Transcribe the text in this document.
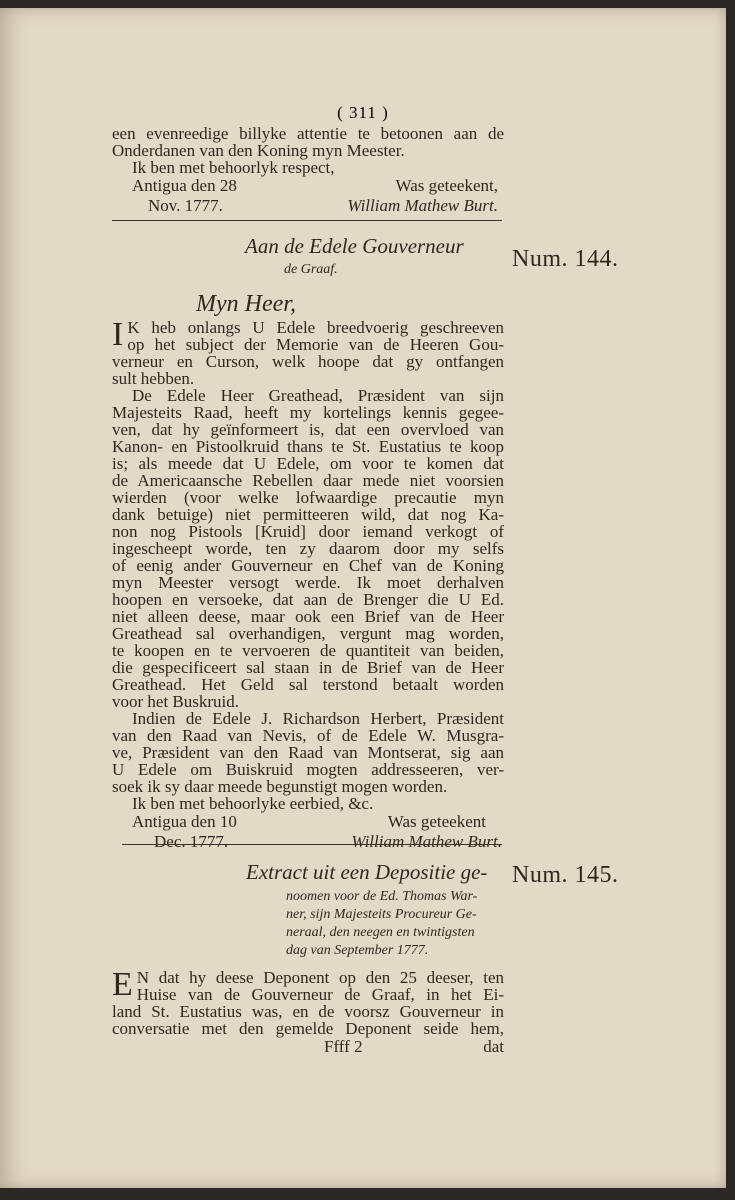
( 311 )
een evenreedige billyke attentie te betoonen aan de
Onderdanen van den Koning myn Meester.
Ik ben met behoorlyk respect,
Antigua den 28	Was geteekent,
Nov. 1777.	William Mathew Burt.
Aan de Edele Gouverneur
de Graaf.	Num. 144.
Myn Heer,
I K heb onlangs U Edele breedvoerig geschreeven
op het subject der Memorie van de Heeren Gou-
verneur en Curson, welk hoope dat gy ontfangen
sult hebben.
De Edele Heer Greathead, Præsident van sijn
Majesteits Raad, heeft my kortelings kennis gegee-
ven, dat hy geïnformeert is, dat een overvloed van
Kanon- en Pistoolkruid thans te St. Eustatius te koop
is; als meede dat U Edele, om voor te komen dat
de Americaansche Rebellen daar mede niet voorsien
wierden (voor welke lofwaardige precautie myn
dank betuige) niet permitteeren wild, dat nog Ka-
non nog Pistools [Kruid] door iemand verkogt of
ingescheept worde, ten zy daarom door my selfs
of eenig ander Gouverneur en Chef van de Koning
myn Meester versogt werde. Ik moet derhalven
hoopen en versoeke, dat aan de Brenger die U Ed.
niet alleen deese, maar ook een Brief van de Heer
Greathead sal overhandigen, vergunt mag worden,
te koopen en te vervoeren de quantiteit van beiden,
die gespecificeert sal staan in de Brief van de Heer
Greathead. Het Geld sal terstond betaalt worden
voor het Buskruid.
Indien de Edele J. Richardson Herbert, Præsident
van den Raad van Nevis, of de Edele W. Musgra-
ve, Præsident van den Raad van Montserat, sig aan
U Edele om Buiskruid mogten addresseeren, ver-
soek ik sy daar meede begunstigt mogen worden.
Ik ben met behoorlyke eerbied, &c.
Antigua den 10	Was geteekent
Dec. 1777.	William Mathew Burt.
Extract uit een Depositie ge- Num. 145.
noomen voor de Ed. Thomas War-
ner, sijn Majesteits Procureur Ge-
neraal, den neegen en twintigsten
dag van September 1777.
E N dat hy deese Deponent op den 25 deeser, ten
Huise van de Gouverneur de Graaf, in het Ei-
land St. Eustatius was, en de voorsz Gouverneur in
conversatie met den gemelde Deponent seide hem,
Ffff 2	dat
